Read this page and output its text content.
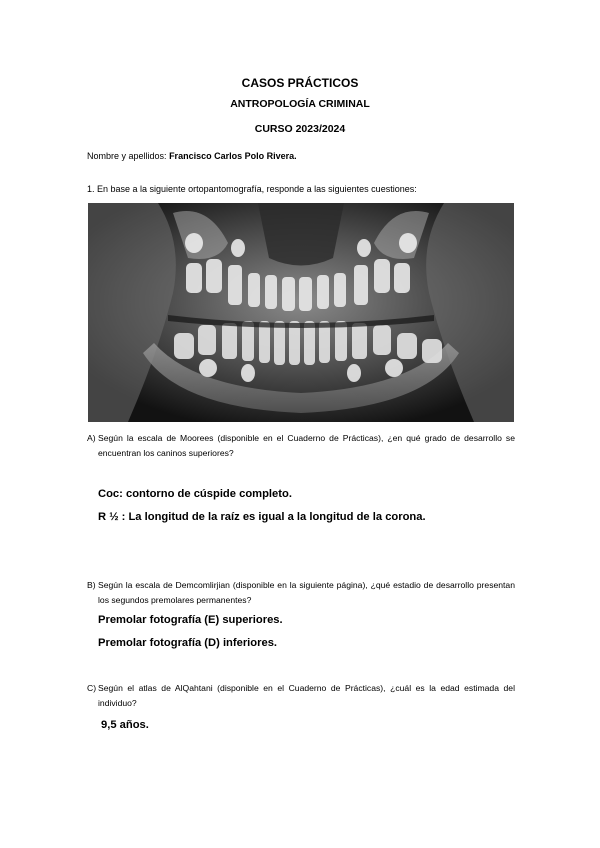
CASOS PRÁCTICOS
ANTROPOLOGÍA CRIMINAL
CURSO 2023/2024
Nombre y apellidos: Francisco Carlos Polo Rivera.
1. En base a la siguiente ortopantomografía, responde a las siguientes cuestiones:
A) Según la escala de Moorees (disponible en el Cuaderno de Prácticas), ¿en qué grado de desarrollo se encuentran los caninos superiores?
Coc: contorno de cúspide completo.
R ½ : La longitud de la raíz es igual a la longitud de la corona.
B) Según la escala de Demcomlirjian (disponible en la siguiente página), ¿qué estadio de desarrollo presentan los segundos premolares permanentes?
Premolar fotografía (E) superiores.
Premolar fotografía (D) inferiores.
C) Según el atlas de AlQahtani (disponible en el Cuaderno de Prácticas), ¿cuál es la edad estimada del individuo?
9,5 años.
